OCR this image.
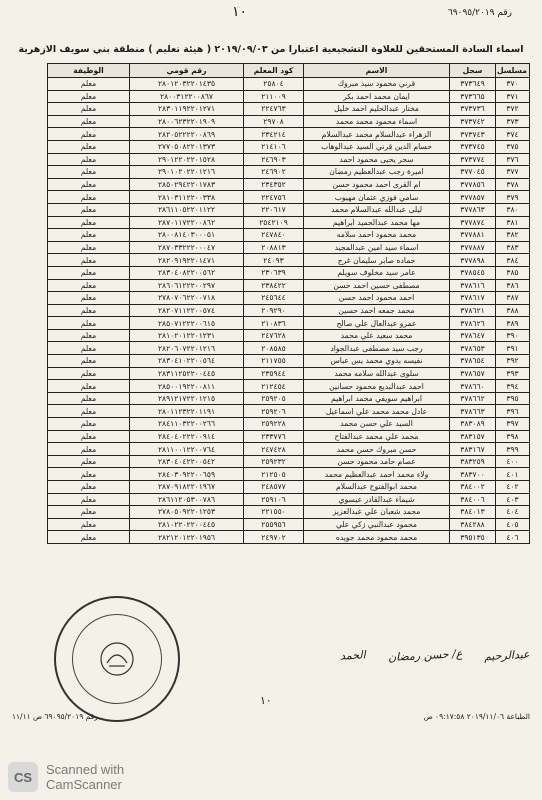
رقم ٦٩٠٩٥/٢٠١٩
١٠
اسماء السادة المستحقين للعلاوة التشجيعية اعتبارا من ٢٠١٩/٠٩/٠٣ ( هيئة تعليم ) منطقة بني سويف الازهرية
مسلسل	سجل	الاسم	كود المعلم	رقم قومي	الوظيفة
٣٧٠	٣٧٣٦٤٩	قرني محمود سيد مبروك	٢٥٨٠٤	٢٨٠١٢٠٣٢٢٠١٤٣٥	معلم
٣٧١	٣٧٣٦٦٥	ايمان محمد احمد بكر	٢١١٠٠٩	٢٨٠٠٣١٢٢٠٠٨٦٧	معلم
٣٧٢	٣٧٣٧٣٦	مختار عبدالحليم احمد خليل	٢٢٤٧٦٣	٢٨٣٠١١٩٢٢٠١٢٧١	معلم
٣٧٣	٣٧٣٧٤٢	اسماء محمود محمد محمد	٢٩٧٠٨	٢٨٠٠٦٢٣٢٢٠١٩٠٩	معلم
٣٧٤	٣٧٣٧٤٣	الزهراء عبدالسلام محمد عبدالسلام	٢٣٤٢١٤	٢٨٢٠٥٢٢٢٢٠٠٨٦٩	معلم
٣٧٥	٣٧٣٧٤٥	حسام الدين قرني السيد عبدالوهاب	٢١٤١٠٦	٢٧٧٠٥٠٨٢٢٠١٣٧٣	معلم
٣٧٦	٣٧٣٧٧٤	سحر يحيى محمود احمد	٢٤٦٩٠٣	٢٩٠١٢٢٠٢٢٠١٥٢٨	معلم
٣٧٧	٣٧٧٠٤٥	اميرة رجب عبدالعظيم رمضان	٢٤٦٩٠٢	٢٩٠١٠٢٠٢٢٠١٢١٦	معلم
٣٧٨	٣٧٧٨٥٦	ام القرى احمد محمود حسن	٢٣٤٣٥٢	٢٨٥٠٢٩٤٢٢٠١٧٨٣	معلم
٣٧٩	٣٧٧٨٥٧	سامي فوزي عثمان مهيوب	٢٢٤٧٥٦	٢٨١٠٣١١٢٢٠٠٣٣٨	معلم
٣٨٠	٣٧٧٨٦٣	ليلى عبدالله عبدالسلام محمد	٢٢٠٦١٧	٢٨٦١١٠٥٢٢٠١١٢٢	معلم
٣٨١	٣٧٧٨٧٤	مها محمد عبدالحميد ابراهيم	٢٥٤٢١٠٩	٢٨٧٠١١٧٢٢٠٠٨٦٢	معلم
٣٨٢	٣٧٧٨٨١	محمد محمود احمد سلامه	٢٤٧٨٤٠	٢٨٠٠٨١٤٠٣٠٠٠٥١	معلم
٣٨٣	٣٧٧٨٨٧	اسماء سيد امين عبدالمجيد	٢٠٨٨١٣	٢٨٧٠٣٣٢٢٢٠٠٠٤٧	معلم
٣٨٤	٣٧٧٨٩٨	حماده صابر سليمان غرج	٢٤٠٩٣	٢٨٢٠٩١٩٢٢٠١٤٧١	معلم
٣٨٥	٣٧٨٥٤٥	عامر سيد مخلوف سويلم	٢٣٠٦٣٩	٢٨٣٠٤٠٨٢٢٠٠٥٦٢	معلم
٣٨٦	٣٧٨٦١٦	مصطفى حسين احمد حسن	٢٣٨٤٢٢	٢٨٦٠٦١٢٢٢٠٠٢٩٧	معلم
٣٨٧	٣٧٨٦١٧	احمد محمود احمد حسن	٢٤٥٦٤٤	٢٧٨٠٧٠٦٢٢٠٠٧١٨	معلم
٣٨٨	٣٧٨٦٢١	محمد جمعه احمد حسين	٢٠٩٢٩٠	٢٨٢٠٧١١٢٢٠٠٥٧٤	معلم
٣٨٩	٣٧٨٦٢٦	عمرو عبدالعال علي صالح	٢١٠٨٣٦	٢٨٥٠٧١٢٢٢٠٠٦١٥	معلم
٣٩٠	٣٧٨٦٤٧	محمد سعيد علي محمد	٢٤٧٦٢٨	٢٨١٠٢٠١٢٢٠١٢٣١	معلم
٣٩١	٣٧٨٦٥٣	رجب سيد مصطفى عبدالجواد	٢٠٨٥٨٥	٢٨٢٠٦٠٧٢٢٠١٢١٦	معلم
٣٩٢	٣٧٨٦٥٤	نفيسه بدوي محمد يس عباس	٢١١٧٥٥	٢٨٣٠٤١٠٢٢٠٠٥٦٤	معلم
٣٩٣	٣٧٨٦٥٧	سلوى عبدالله سلامه محمد	٢٣٥٩٤٤	٢٨٣١١٢٥٢٢٠٠٤٤٥	معلم
٣٩٤	٣٧٨٦٦٠	احمد عبدالبديع محمود حسانين	٢١٢٤٥٤	٢٨٥٠٠١٩٢٢٠٠٨١١	معلم
٣٩٥	٣٧٨٦٦٢	ابراهيم سويفي محمد ابراهيم	٢٥٩٢٠٥	٢٨٩١٢١٧٢٢٠١٢١٥	معلم
٣٩٦	٣٧٨٦٦٣	عادل محمد محمد علي اسماعيل	٢٥٩٢٠٦	٢٨٠١١٢٣٢٢٠١١٩١	معلم
٣٩٧	٣٨٣٠٨٩	السيد علي حسن محمد	٢٥٩٢٢٨	٢٨٤١١٠٣٢٢٠٠٢٦٦	معلم
٣٩٨	٣٨٣١٥٧	محمد علي محمد عبدالفتاح	٢٣٣٧٧٦	٢٨٤٠٤٠٢٢٢٠٠٩١٤	معلم
٣٩٩	٣٨٣١٦٧	حسن مبروك حسن محمد	٢٤٧٤٢٨	٢٨١١٠٠١٢٢٠٠٧٦٤	معلم
٤٠٠	٣٨٣٢٥٩	عصام حامد محمود حسن	٢٥٩٢٣٢	٢٨٣٠٤٠٤٢٢٠٠٥٤٢	معلم
٤٠١	٣٨٣٧٠٠	ولاء محمد احمد عبدالعظيم محمد	٢١٢٥٠٥	٢٨٤٠٣٠٩٢٢٠٠٦٥٩	معلم
٤٠٢	٣٨٤٠٠٢	محمد ابوالفتوح عبدالسلام	٢٤٨٥٧٧	٢٨٧٠٩١٨٢٢٠١٩٦٧	معلم
٤٠٣	٣٨٤٠٠٦	شيماء عبدالقادر عيسوي	٢٥٩١٠٦	٢٨٦١١٢٠٥٣٠٠٧٨٦	معلم
٤٠٤	٣٨٤٠١٣	محمد شعبان علي عبدالعزيز	٢٢١٥٥٠	٢٧٨٠٥٠٩٢٢٠١٢٥٣	معلم
٤٠٥	٣٨٤٢٨٨	محمود عبدالنبي زكي علي	٢٥٥٩٥٦	٢٨١٠٢٢٠٢٢٠٠٤٤٥	معلم
٤٠٦	٣٩٥١٣٥	محمد محمود محمد جويده	٢٤٩٧٠٢	٢٨٢١٢٠١٢٢٠١٩٥٦	معلم
عبدالرحيم
ع/ حسن رمضان
الحمد
١٠
رقم ٦٩٠٩٥/٢٠١٩ ص ١١/١١	الطباعة ٢٠١٩/١١/٠٦ ٠٩:١٧:٥٨ ص
CS	Scanned with
CamScanner
